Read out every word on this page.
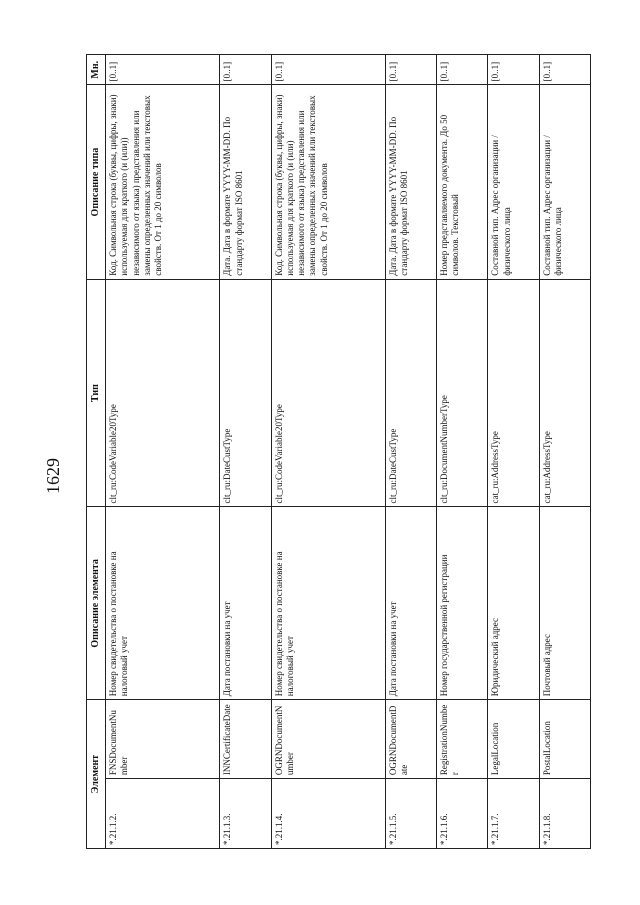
1629
Элемент		Описание элемента	Тип	Описание типа	Мн.
*.21.1.2.	FNSDocumentNumber	Номер свидетельства о постановке на налоговый учет	clt_ru:CodeVariable20Type	Код. Символьная строка (буквы, цифры, знаки) используемая для краткого (и (или)) независимого от языка) представления или замены определенных значений или текстовых свойств. От 1 до 20 символов	[0..1]
*.21.1.3.	INNCertificateDate	Дата постановки на учет	clt_ru:DateCustType	Дата. Дата в формате YYYY-MM-DD. По стандарту формат ISO 8601	[0..1]
*.21.1.4.	OGRNDocumentNumber	Номер свидетельства о постановке на налоговый учет	clt_ru:CodeVariable20Type	Код. Символьная строка (буквы, цифры, знаки) используемая для краткого (и (или) независимого от языка) представления или замены определенных значений или текстовых свойств. От 1 до 20 символов	[0..1]
*.21.1.5.	OGRNDocumentDate	Дата постановки на учет	clt_ru:DateCustType	Дата. Дата в формате YYYY-MM-DD. По стандарту формат ISO 8601	[0..1]
*.21.1.6.	RegistrationNumber	Номер государственной регистрации	clt_ru:DocumentNumberType	Номер представляемого документа. До 50 символов. Текстовый	[0..1]
*.21.1.7.	LegalLocation	Юридический адрес	cat_ru:AddressType	Составной тип. Адрес организации / физического лица	[0..1]
*.21.1.8.	PostalLocation	Почтовый адрес	cat_ru:AddressType	Составной тип. Адрес организации / физического лица	[0..1]
